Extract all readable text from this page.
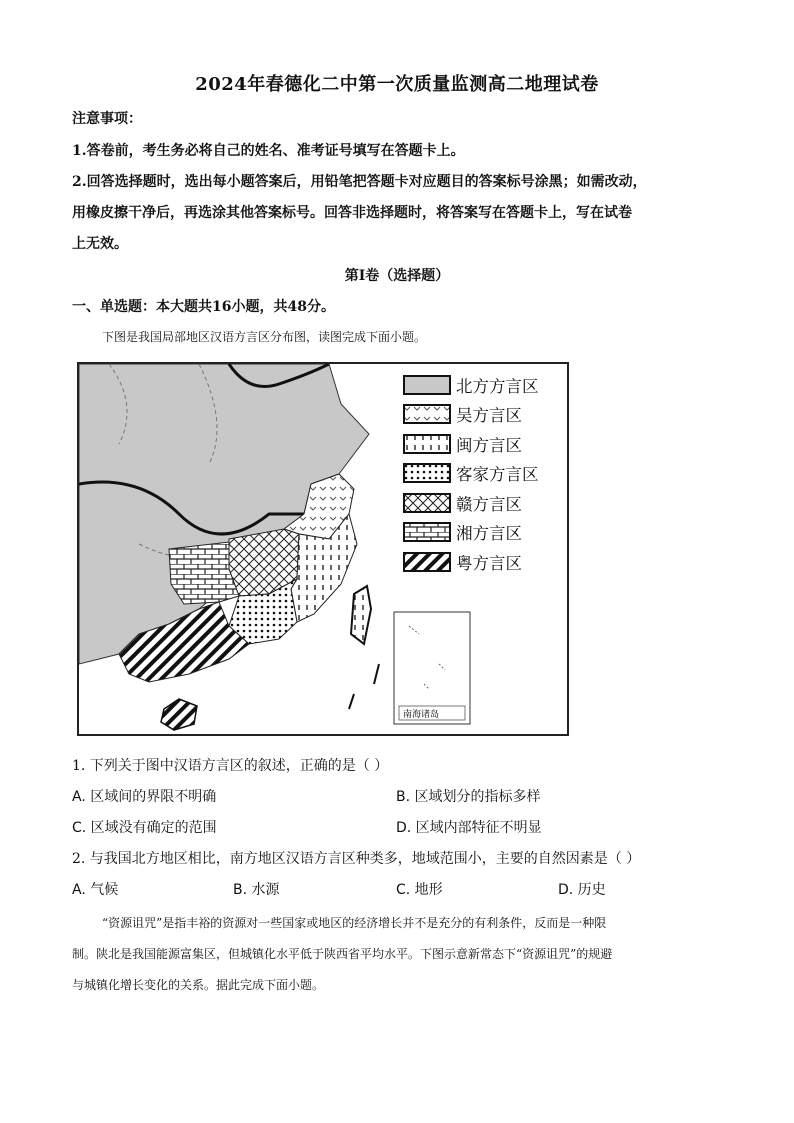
2024年春德化二中第一次质量监测高二地理试卷
注意事项：
1.答卷前，考生务必将自己的姓名、准考证号填写在答题卡上。
2.回答选择题时，选出每小题答案后，用铅笔把答题卡对应题目的答案标号涂黑；如需改动，
用橡皮擦干净后，再选涂其他答案标号。回答非选择题时，将答案写在答题卡上，写在试卷
上无效。
第Ⅰ卷（选择题）
一、单选题：本大题共16小题，共48分。
下图是我国局部地区汉语方言区分布图，读图完成下面小题。
南海诸岛
北方方言区
吴方言区
闽方言区
客家方言区
赣方言区
湘方言区
粤方言区
1. 下列关于图中汉语方言区的叙述，正确的是（ ）
A. 区域间的界限不明确	B. 区域划分的指标多样
C. 区域没有确定的范围	D. 区域内部特征不明显
2. 与我国北方地区相比，南方地区汉语方言区种类多，地域范围小，主要的自然因素是（ ）
A. 气候	B. 水源	C. 地形	D. 历史
“资源诅咒”是指丰裕的资源对一些国家或地区的经济增长并不是充分的有利条件，反而是一种限
制。陕北是我国能源富集区，但城镇化水平低于陕西省平均水平。下图示意新常态下“资源诅咒”的规避
与城镇化增长变化的关系。据此完成下面小题。
